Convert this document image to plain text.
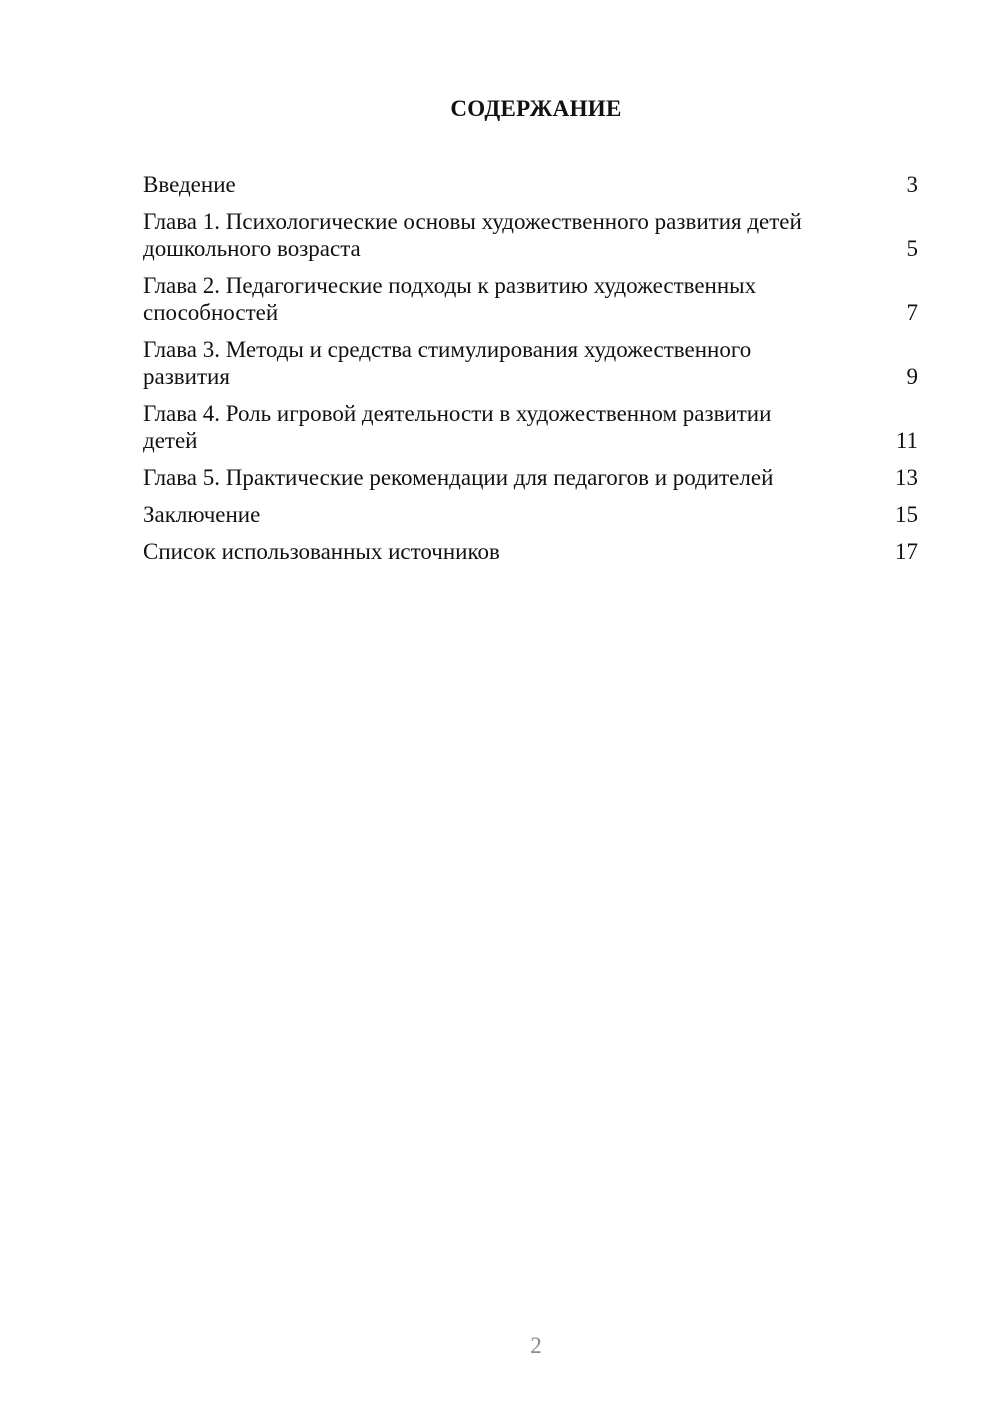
СОДЕРЖАНИЕ
Введение	3
Глава 1. Психологические основы художественного развития детей дошкольного возраста	5
Глава 2. Педагогические подходы к развитию художественных способностей	7
Глава 3. Методы и средства стимулирования художественного развития	9
Глава 4. Роль игровой деятельности в художественном развитии детей	11
Глава 5. Практические рекомендации для педагогов и родителей	13
Заключение	15
Список использованных источников	17
2
